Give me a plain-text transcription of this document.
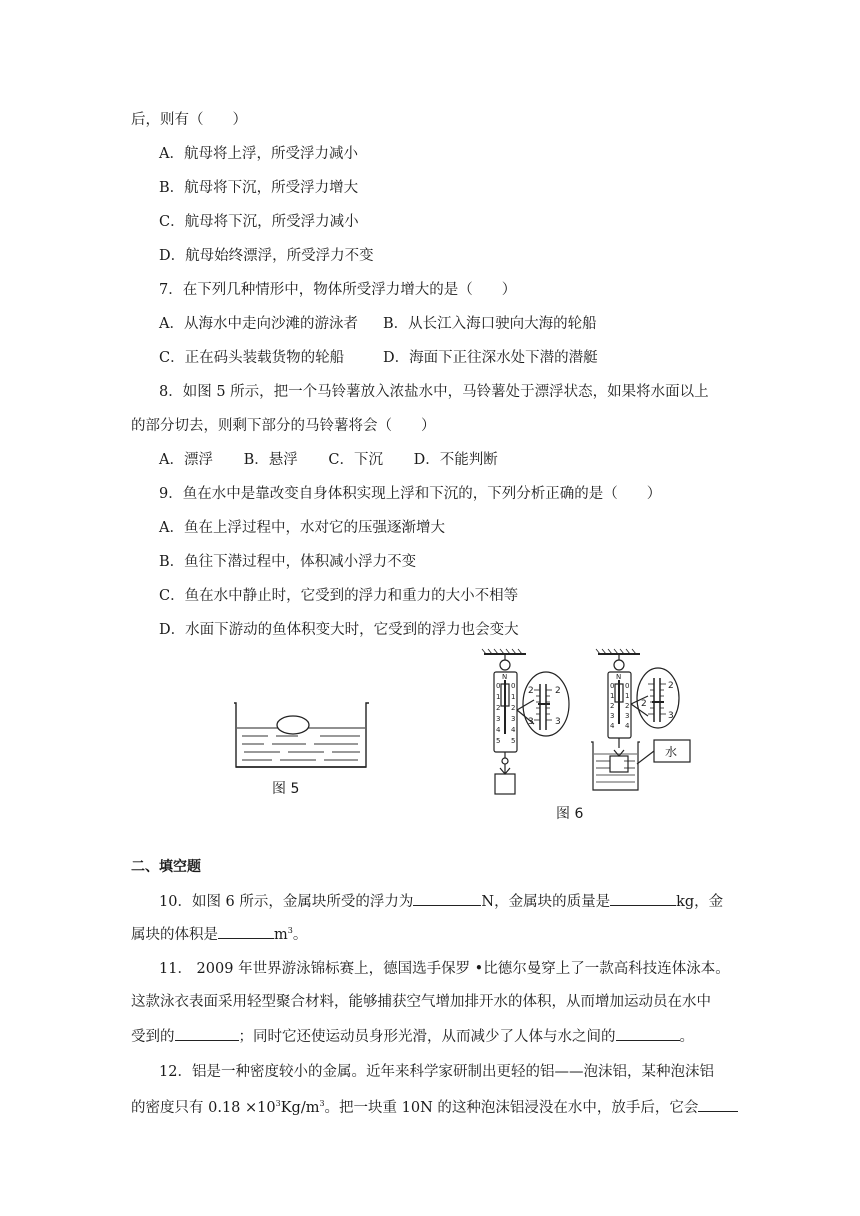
后，则有（　　）
A．航母将上浮，所受浮力减小
B．航母将下沉，所受浮力增大
C．航母将下沉，所受浮力减小
D．航母始终漂浮，所受浮力不变
7．在下列几种情形中，物体所受浮力增大的是（　　）
A．从海水中走向沙滩的游泳者 B．从长江入海口驶向大海的轮船
C．正在码头装载货物的轮船	D．海面下正往深水处下潜的潜艇
8．如图 5 所示，把一个马铃薯放入浓盐水中，马铃薯处于漂浮状态，如果将水面以上
的部分切去，则剩下部分的马铃薯将会（　　）
A．漂浮 B．悬浮 C．下沉 D．不能判断
9．鱼在水中是靠改变自身体积实现上浮和下沉的，下列分析正确的是（　　）
A．鱼在上浮过程中，水对它的压强逐渐增大
B．鱼往下潜过程中，体积减小浮力不变
C．鱼在水中静止时，它受到的浮力和重力的大小不相等
D．水面下游动的鱼体积变大时，它受到的浮力也会变大
图 5
N
0
1
2
3
4
5
0
1
2
3
4
5
2
3
2
3
N
0
1
2
3
4
0
1
2
3
4
2
2
3
水
图 6
二、填空题
10．如图 6 所示，金属块所受的浮力为	N，金属块的质量是	kg，金
属块的体积是	$m^3$。
11． 2009 年世界游泳锦标赛上，德国选手保罗 •比德尔曼穿上了一款高科技连体泳本。
这款泳衣表面采用轻型聚合材料，能够捕获空气增加排开水的体积，从而增加运动员在水中
受到的	；同时它还使运动员身形光滑，从而减少了人体与水之间的	。
12．铝是一种密度较小的金属。近年来科学家研制出更轻的铝——泡沫铝，某种泡沫铝
的密度只有 $0.18 \times 10^3Kg/m^3$。把一块重 10N 的这种泡沫铝浸没在水中，放手后，它会
